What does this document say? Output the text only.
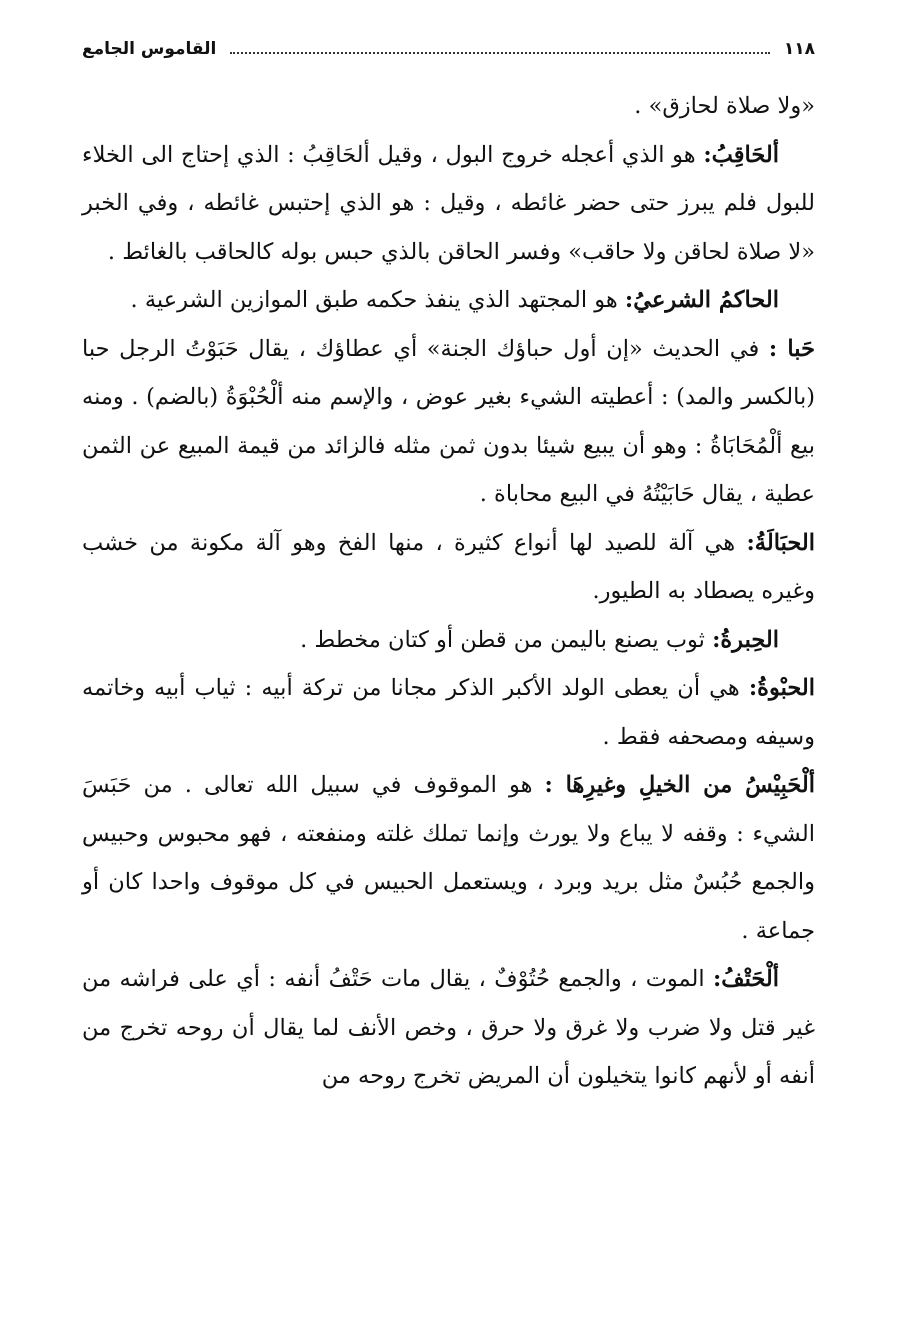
١١٨
القاموس الجامع

«ولا صلاة لحازق» .

ألحَاقِبُ: هو الذي أعجله خروج البول ، وقيل ألحَاقِبُ : الذي إحتاج الى الخلاء للبول فلم يبرز حتى حضر غائطه ، وقيل : هو الذي إحتبس غائطه ، وفي الخبر «لا صلاة لحاقن ولا حاقب» وفسر الحاقن بالذي حبس بوله كالحاقب بالغائط .

الحاكمُ الشرعيُ: هو المجتهد الذي ينفذ حكمه طبق الموازين الشرعية .

حَبا : في الحديث «إن أول حباؤك الجنة» أي عطاؤك ، يقال حَبَوْتُ الرجل حبا (بالكسر والمد) : أعطيته الشيء بغير عوض ، والإسم منه ألْحُبْوَةُ (بالضم) . ومنه بيع ألْمُحَابَاةُ : وهو أن يبيع شيئا بدون ثمن مثله فالزائد من قيمة المبيع عن الثمن عطية ، يقال حَابَيْتُهُ في البيع محاباة .

الحبَالَةُ: هي آلة للصيد لها أنواع كثيرة ، منها الفخ وهو آلة مكونة من خشب وغيره يصطاد به الطيور.

الحِبرةُ: ثوب يصنع باليمن من قطن أو كتان مخطط .

الحبْوةُ: هي أن يعطى الولد الأكبر الذكر مجانا من تركة أبيه : ثياب أبيه وخاتمه وسيفه ومصحفه فقط .

ألْحَبِيْسُ من الخيلِ وغيرِهَا : هو الموقوف في سبيل الله تعالى . من حَبَسَ الشيء : وقفه لا يباع ولا يورث وإنما تملك غلته ومنفعته ، فهو محبوس وحبيس والجمع حُبُسٌ مثل بريد وبرد ، ويستعمل الحبيس في كل موقوف واحدا كان أو جماعة .

ألْحَتْفُ: الموت ، والجمع حُتُوْفٌ ، يقال مات حَتْفُ أنفه : أي على فراشه من غير قتل ولا ضرب ولا غرق ولا حرق ، وخص الأنف لما يقال أن روحه تخرج من أنفه أو لأنهم كانوا يتخيلون أن المريض تخرج روحه من
